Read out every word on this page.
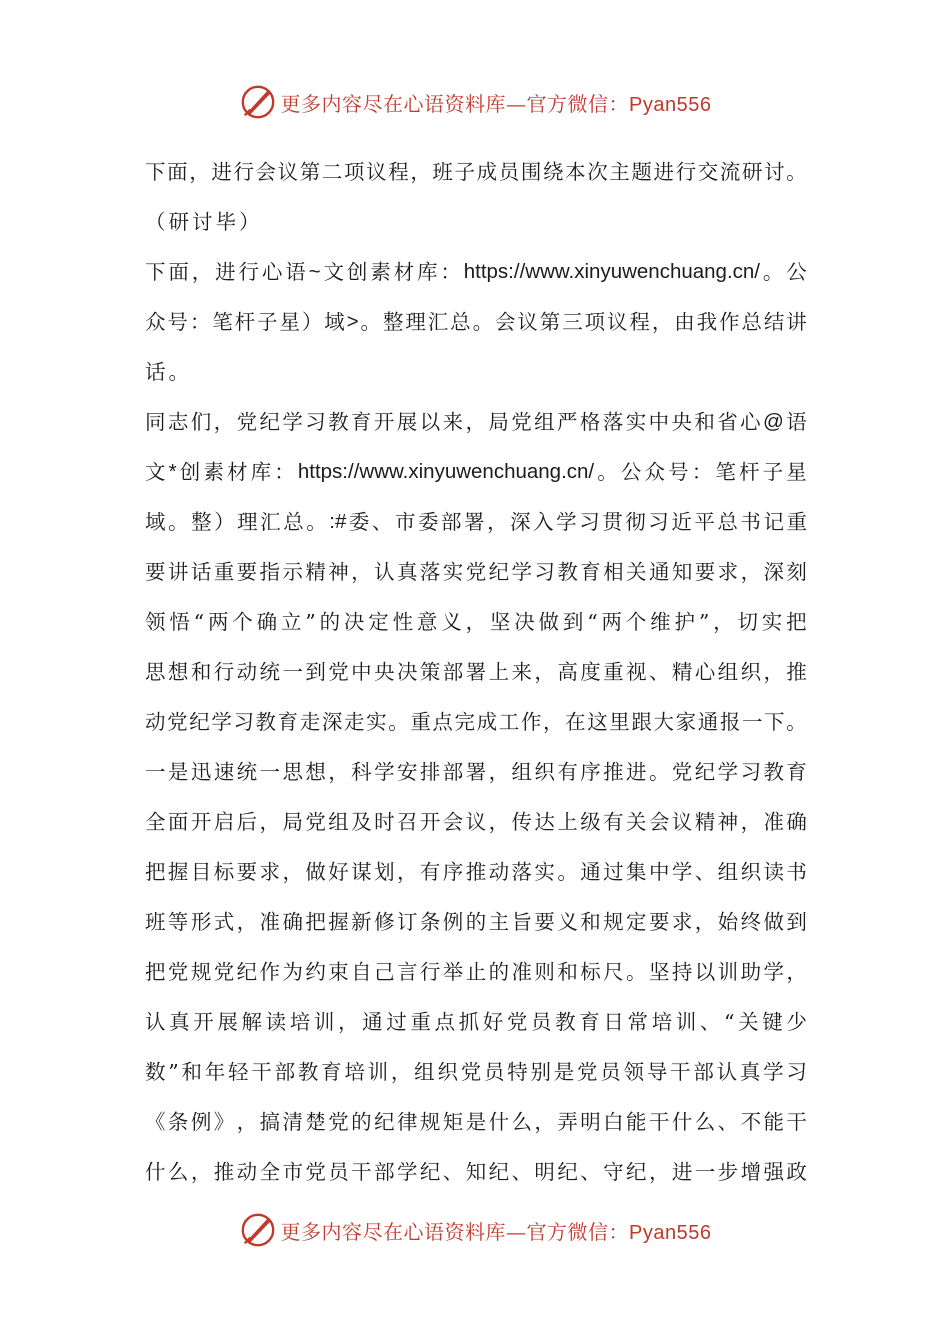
更多内容尽在心语资料库—官方微信：Pyan556
下 面 ， 进 行 会 议 第 二 项 议 程 ， 班 子 成 员 围 绕 本 次 主 题 进 行 交 流 研 讨 。
（研讨毕）
下 面 ， 进 行 心 语 ~ 文 创 素 材 库 ： https://www.xinyuwenchuang.cn/ 。 公
众 号 ： 笔 杆 子 星 ） 域 > 。 整 理 汇 总 。 会 议 第 三 项 议 程 ， 由 我 作 总 结 讲
话。
同 志 们 ， 党 纪 学 习 教 育 开 展 以 来 ， 局 党 组 严 格 落 实 中 央 和 省 心 @ 语
文 * 创 素 材 库 ： https://www.xinyuwenchuang.cn/ 。 公 众 号 ： 笔 杆 子 星
域 。 整 ） 理 汇 总 。 :# 委 、 市 委 部 署 ， 深 入 学 习 贯 彻 习 近 平 总 书 记 重
要 讲 话 重 要 指 示 精 神 ， 认 真 落 实 党 纪 学 习 教 育 相 关 通 知 要 求 ， 深 刻
领 悟 “ 两 个 确 立 ” 的 决 定 性 意 义 ， 坚 决 做 到 “ 两 个 维 护 ” ， 切 实 把
思 想 和 行 动 统 一 到 党 中 央 决 策 部 署 上 来 ， 高 度 重 视 、 精 心 组 织 ， 推
动 党 纪 学 习 教 育 走 深 走 实 。 重 点 完 成 工 作 ， 在 这 里 跟 大 家 通 报 一 下 。
一 是 迅 速 统 一 思 想 ， 科 学 安 排 部 署 ， 组 织 有 序 推 进 。 党 纪 学 习 教 育
全 面 开 启 后 ， 局 党 组 及 时 召 开 会 议 ， 传 达 上 级 有 关 会 议 精 神 ， 准 确
把 握 目 标 要 求 ， 做 好 谋 划 ， 有 序 推 动 落 实 。 通 过 集 中 学 、 组 织 读 书
班 等 形 式 ， 准 确 把 握 新 修 订 条 例 的 主 旨 要 义 和 规 定 要 求 ， 始 终 做 到
把 党 规 党 纪 作 为 约 束 自 己 言 行 举 止 的 准 则 和 标 尺 。 坚 持 以 训 助 学 ，
认 真 开 展 解 读 培 训 ， 通 过 重 点 抓 好 党 员 教 育 日 常 培 训 、 “ 关 键 少
数 ” 和 年 轻 干 部 教 育 培 训 ， 组 织 党 员 特 别 是 党 员 领 导 干 部 认 真 学 习
《 条 例 》 ， 搞 清 楚 党 的 纪 律 规 矩 是 什 么 ， 弄 明 白 能 干 什 么 、 不 能 干
什 么 ， 推 动 全 市 党 员 干 部 学 纪 、 知 纪 、 明 纪 、 守 纪 ， 进 一 步 增 强 政
更多内容尽在心语资料库—官方微信：Pyan556
